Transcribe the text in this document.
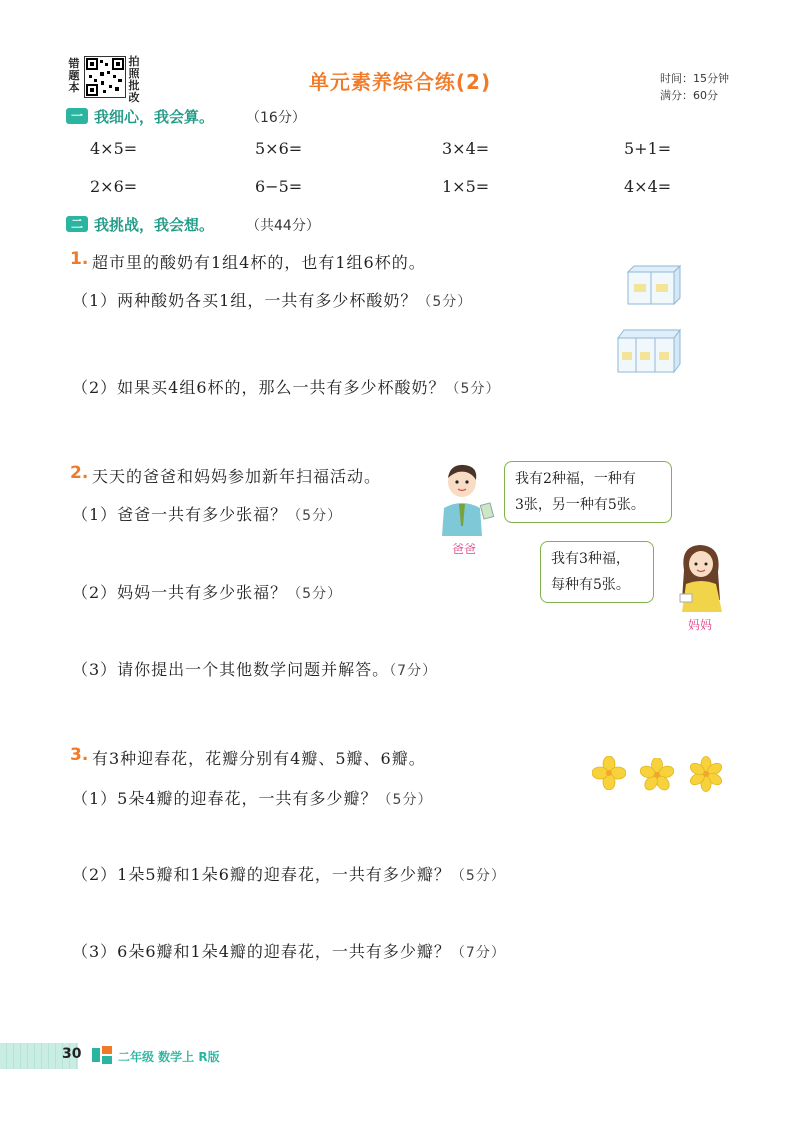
错题本
拍照批改
单元素养综合练(2)	时间：15分钟
满分：60分
一 我细心，我会算。 （16分）
4×5=	5×6=	3×4=	5+1=
2×6=	6−5=	1×5=	4×4=
二 我挑战，我会想。 （共44分）
1. 超市里的酸奶有1组4杯的，也有1组6杯的。
（1）两种酸奶各买1组，一共有多少杯酸奶？（5分）
（2）如果买4组6杯的，那么一共有多少杯酸奶？（5分）
2. 天天的爸爸和妈妈参加新年扫福活动。
（1）爸爸一共有多少张福？（5分）
（2）妈妈一共有多少张福？（5分）
（3）请你提出一个其他数学问题并解答。（7分）
爸爸
我有2种福，一种有
3张，另一种有5张。
我有3种福，
每种有5张。
妈妈
3. 有3种迎春花，花瓣分别有4瓣、5瓣、6瓣。
（1）5朵4瓣的迎春花，一共有多少瓣？（5分）
（2）1朵5瓣和1朵6瓣的迎春花，一共有多少瓣？（5分）
（3）6朵6瓣和1朵4瓣的迎春花，一共有多少瓣？（7分）
30	二年级 数学上 R版
